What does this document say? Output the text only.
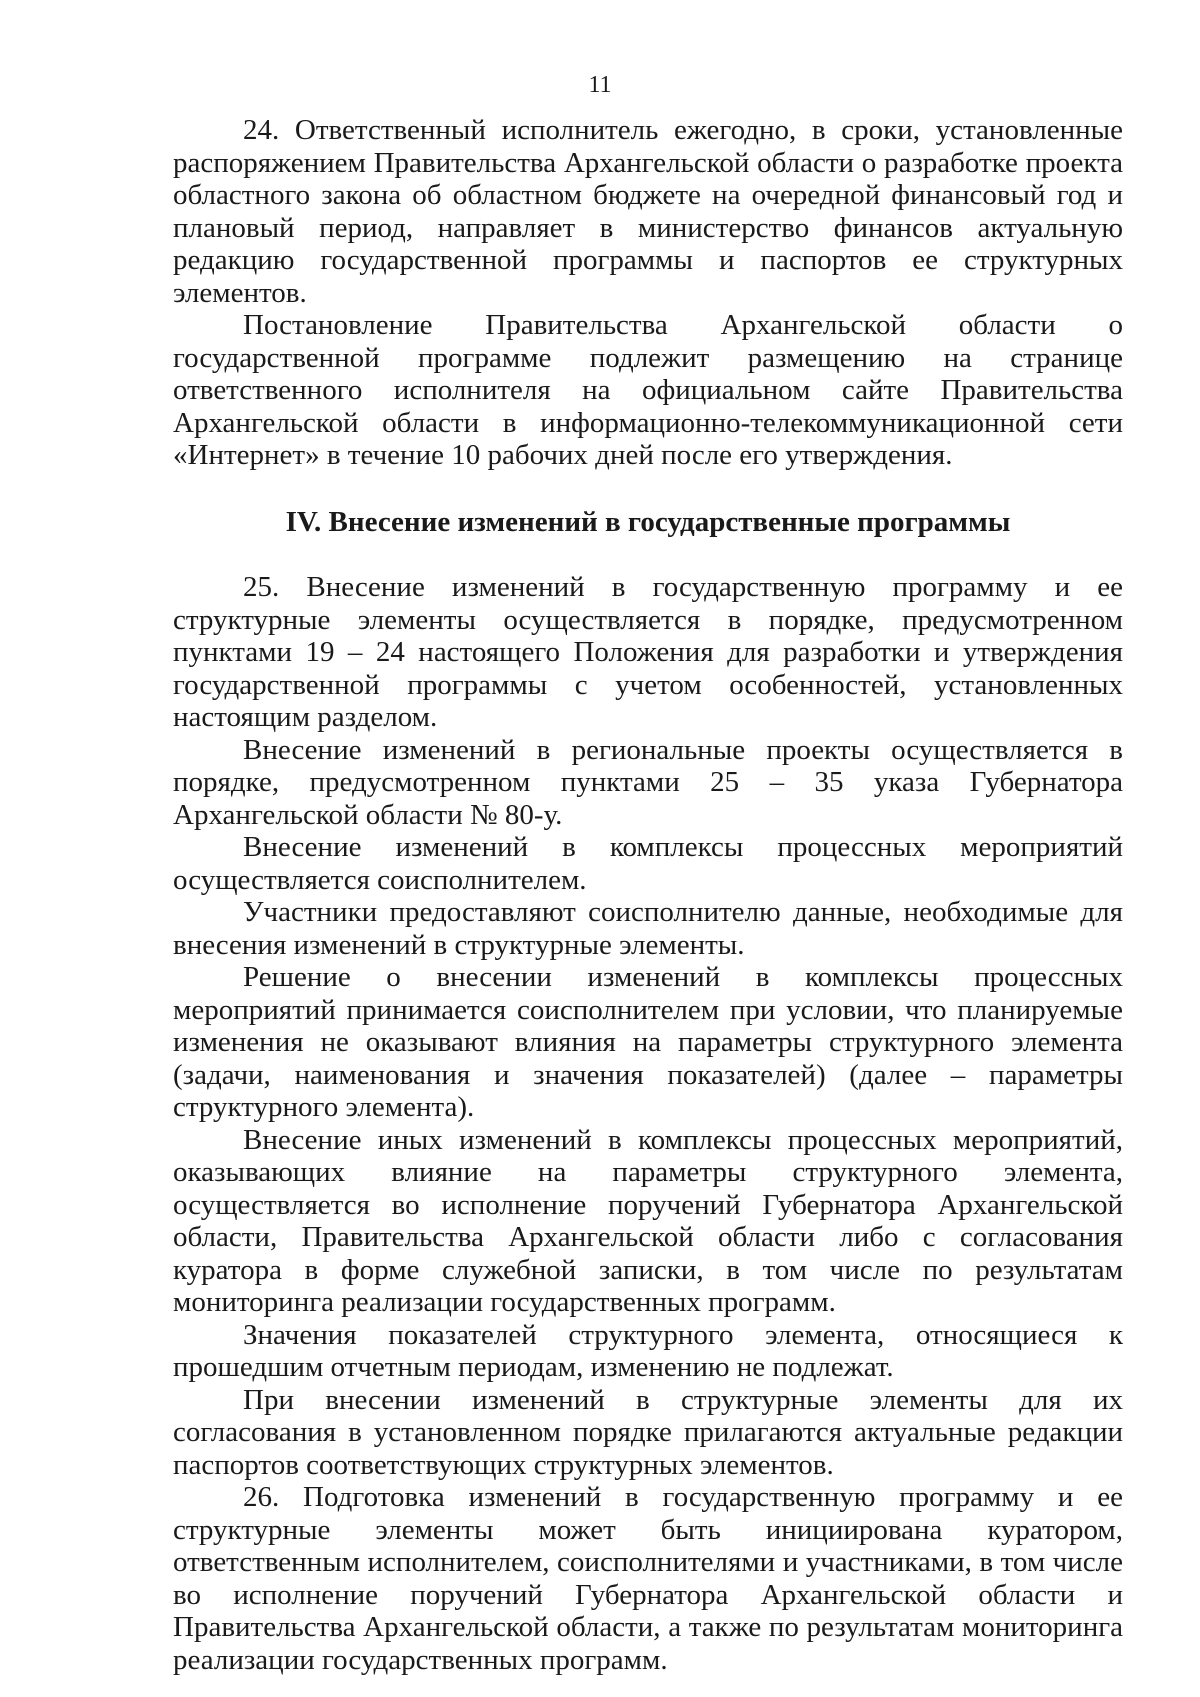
11

24. Ответственный исполнитель ежегодно, в сроки, установленные распоряжением Правительства Архангельской области о разработке проекта областного закона об областном бюджете на очередной финансовый год и плановый период, направляет в министерство финансов актуальную редакцию государственной программы и паспортов ее структурных элементов.

Постановление Правительства Архангельской области о государственной программе подлежит размещению на странице ответственного исполнителя на официальном сайте Правительства Архангельской области в информационно-телекоммуникационной сети «Интернет» в течение 10 рабочих дней после его утверждения.

IV. Внесение изменений в государственные программы

25. Внесение изменений в государственную программу и ее структурные элементы осуществляется в порядке, предусмотренном пунктами 19 – 24 настоящего Положения для разработки и утверждения государственной программы с учетом особенностей, установленных настоящим разделом.

Внесение изменений в региональные проекты осуществляется в порядке, предусмотренном пунктами 25 – 35 указа Губернатора Архангельской области № 80-у.

Внесение изменений в комплексы процессных мероприятий осуществляется соисполнителем.

Участники предоставляют соисполнителю данные, необходимые для внесения изменений в структурные элементы.

Решение о внесении изменений в комплексы процессных мероприятий принимается соисполнителем при условии, что планируемые изменения не оказывают влияния на параметры структурного элемента (задачи, наименования и значения показателей) (далее – параметры структурного элемента).

Внесение иных изменений в комплексы процессных мероприятий, оказывающих влияние на параметры структурного элемента, осуществляется во исполнение поручений Губернатора Архангельской области, Правительства Архангельской области либо с согласования куратора в форме служебной записки, в том числе по результатам мониторинга реализации государственных программ.

Значения показателей структурного элемента, относящиеся к прошедшим отчетным периодам, изменению не подлежат.

При внесении изменений в структурные элементы для их согласования в установленном порядке прилагаются актуальные редакции паспортов соответствующих структурных элементов.

26. Подготовка изменений в государственную программу и ее структурные элементы может быть инициирована куратором, ответственным исполнителем, соисполнителями и участниками, в том числе во исполнение поручений Губернатора Архангельской области и Правительства Архангельской области, а также по результатам мониторинга реализации государственных программ.
